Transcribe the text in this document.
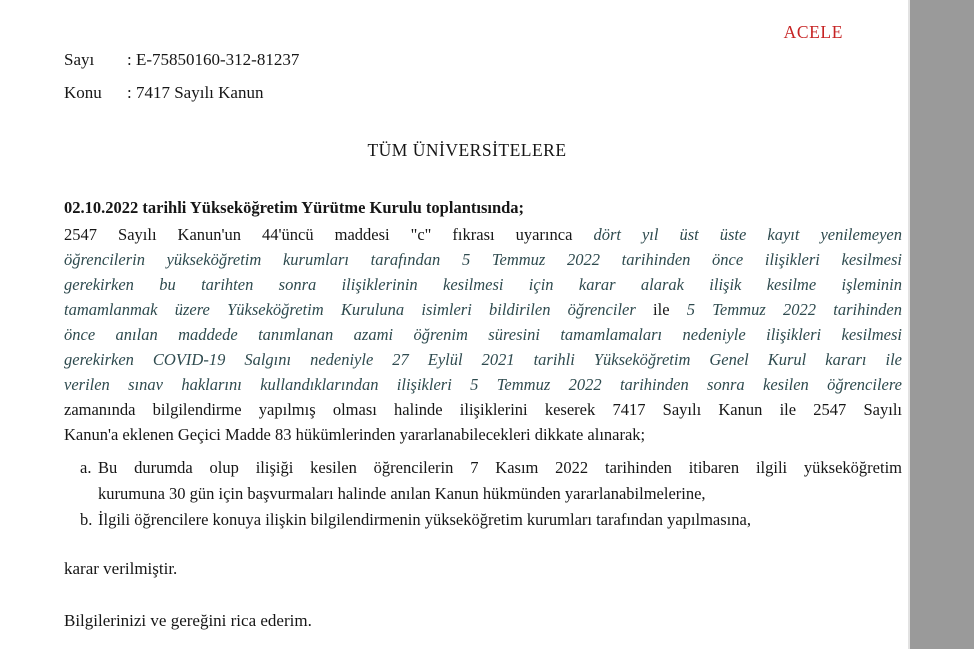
ACELE
Sayı : E-75850160-312-81237
Konu : 7417 Sayılı Kanun
TÜM ÜNİVERSİTELERE
02.10.2022 tarihli Yükseköğretim Yürütme Kurulu toplantısında;
2547 Sayılı Kanun'un 44'üncü maddesi "c" fıkrası uyarınca dört yıl üst üste kayıt yenilemeyen
öğrencilerin yükseköğretim kurumları tarafından 5 Temmuz 2022 tarihinden önce ilişikleri kesilmesi
gerekirken bu tarihten sonra ilişiklerinin kesilmesi için karar alarak ilişik kesilme işleminin
tamamlanmak üzere Yükseköğretim Kuruluna isimleri bildirilen öğrenciler ile 5 Temmuz 2022 tarihinden
önce anılan maddede tanımlanan azami öğrenim süresini tamamlamaları nedeniyle ilişikleri kesilmesi
gerekirken COVID-19 Salgını nedeniyle 27 Eylül 2021 tarihli Yükseköğretim Genel Kurul kararı ile
verilen sınav haklarını kullandıklarından ilişikleri 5 Temmuz 2022 tarihinden sonra kesilen öğrencilere
zamanında bilgilendirme yapılmış olması halinde ilişiklerini keserek 7417 Sayılı Kanun ile 2547 Sayılı
Kanun'a eklenen Geçici Madde 83 hükümlerinden yararlanabilecekleri dikkate alınarak;
a. Bu durumda olup ilişiği kesilen öğrencilerin 7 Kasım 2022 tarihinden itibaren ilgili yükseköğretim
kurumuna 30 gün için başvurmaları halinde anılan Kanun hükmünden yararlanabilmelerine,
b. İlgili öğrencilere konuya ilişkin bilgilendirmenin yükseköğretim kurumları tarafından yapılmasına,
karar verilmiştir.
Bilgilerinizi ve gereğini rica ederim.
